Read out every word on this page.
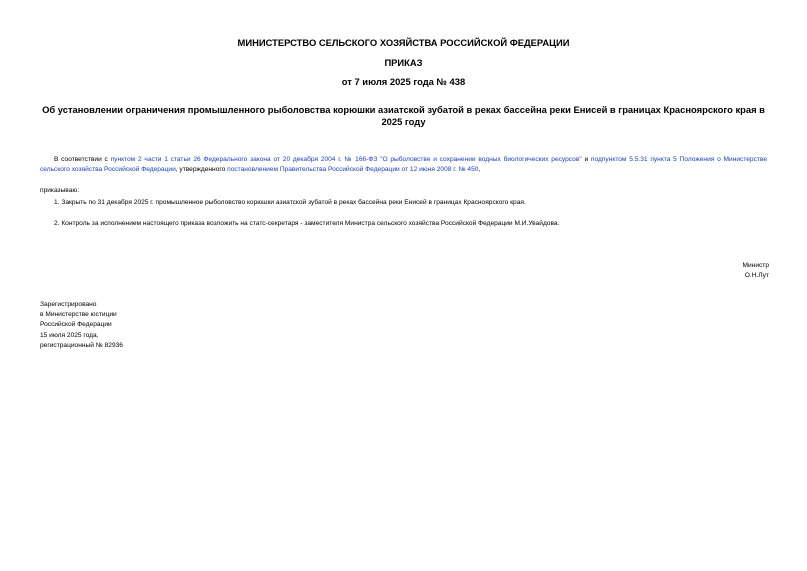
МИНИСТЕРСТВО СЕЛЬСКОГО ХОЗЯЙСТВА РОССИЙСКОЙ ФЕДЕРАЦИИ
ПРИКАЗ
от 7 июля 2025 года № 438
Об установлении ограничения промышленного рыболовства корюшки азиатской зубатой в реках бассейна реки Енисей в границах Красноярского края в 2025 году
В соответствии с пунктом 2 части 1 статьи 26 Федерального закона от 20 декабря 2004 г. № 166-ФЗ "О рыболовстве и сохранении водных биологических ресурсов" и подпунктом 5.5.31 пункта 5 Положения о Министерстве сельского хозяйства Российской Федерации, утвержденного постановлением Правительства Российской Федерации от 12 июня 2008 г. № 450,
приказываю:
1. Закрыть по 31 декабря 2025 г. промышленное рыболовство корюшки азиатской зубатой в реках бассейна реки Енисей в границах Красноярского края.
2. Контроль за исполнением настоящего приказа возложить на статс-секретаря - заместителя Министра сельского хозяйства Российской Федерации М.И.Увайдова.
Министр
О.Н.Лут
Зарегистрировано
в Министерстве юстиции
Российской Федерации
15 июля 2025 года,
регистрационный № 82936
